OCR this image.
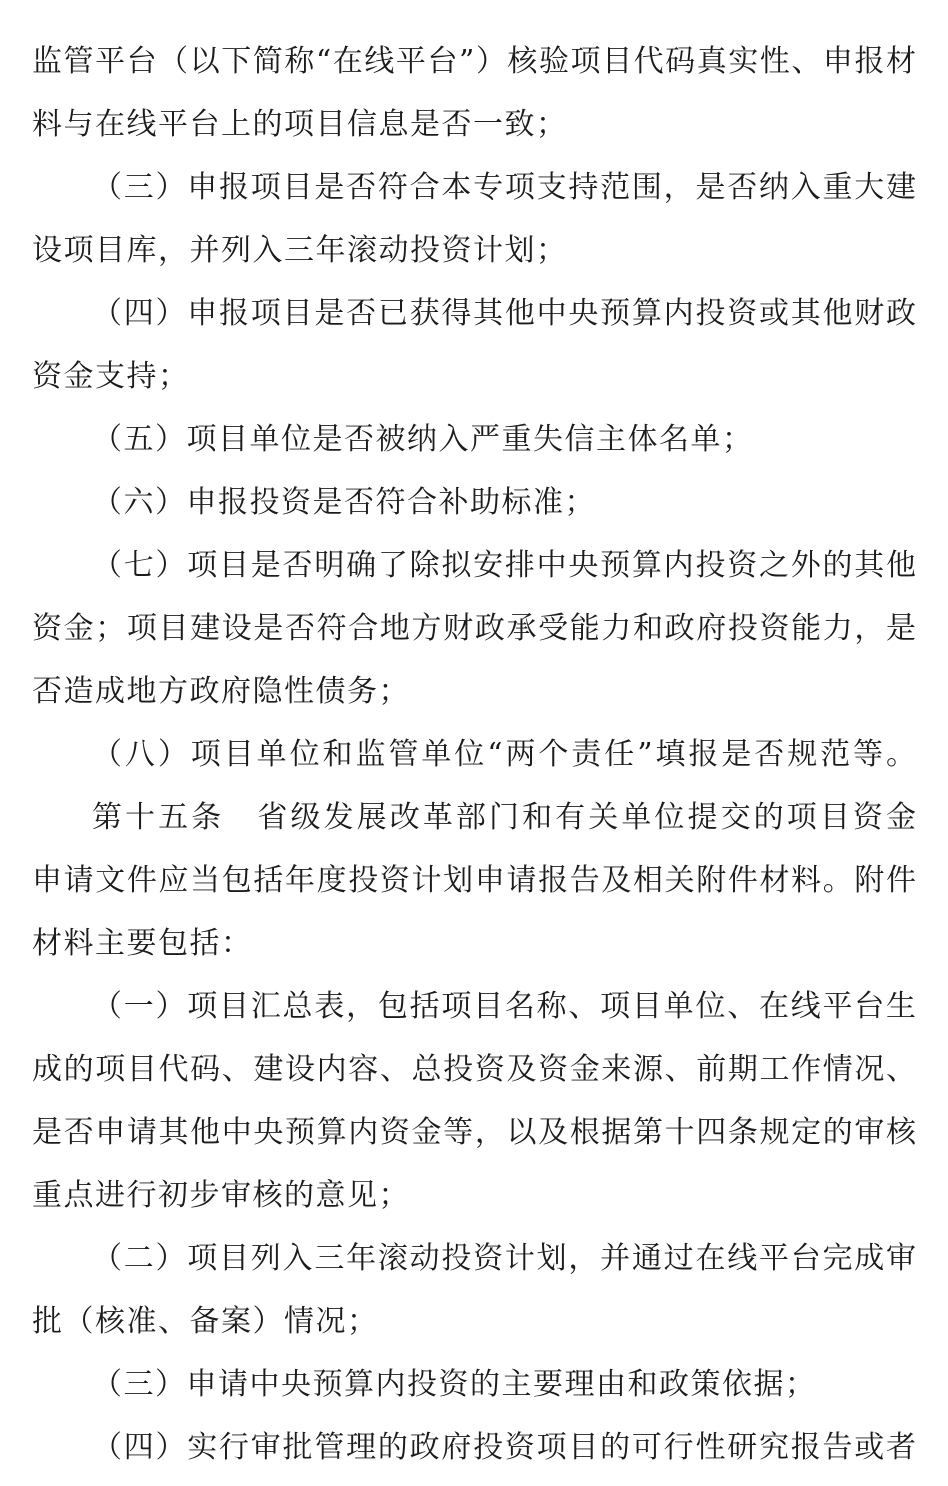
监管平台（以下简称“在线平台”）核验项目代码真实性、申报材
料与在线平台上的项目信息是否一致；
（三）申报项目是否符合本专项支持范围，是否纳入重大建
设项目库，并列入三年滚动投资计划；
（四）申报项目是否已获得其他中央预算内投资或其他财政
资金支持；
（五）项目单位是否被纳入严重失信主体名单；
（六）申报投资是否符合补助标准；
（七）项目是否明确了除拟安排中央预算内投资之外的其他
资金；项目建设是否符合地方财政承受能力和政府投资能力，是
否造成地方政府隐性债务；
（八）项目单位和监管单位“两个责任”填报是否规范等。
第十五条　省级发展改革部门和有关单位提交的项目资金
申请文件应当包括年度投资计划申请报告及相关附件材料。附件
材料主要包括：
（一）项目汇总表，包括项目名称、项目单位、在线平台生
成的项目代码、建设内容、总投资及资金来源、前期工作情况、
是否申请其他中央预算内资金等，以及根据第十四条规定的审核
重点进行初步审核的意见；
（二）项目列入三年滚动投资计划，并通过在线平台完成审
批（核准、备案）情况；
（三）申请中央预算内投资的主要理由和政策依据；
（四）实行审批管理的政府投资项目的可行性研究报告或者
